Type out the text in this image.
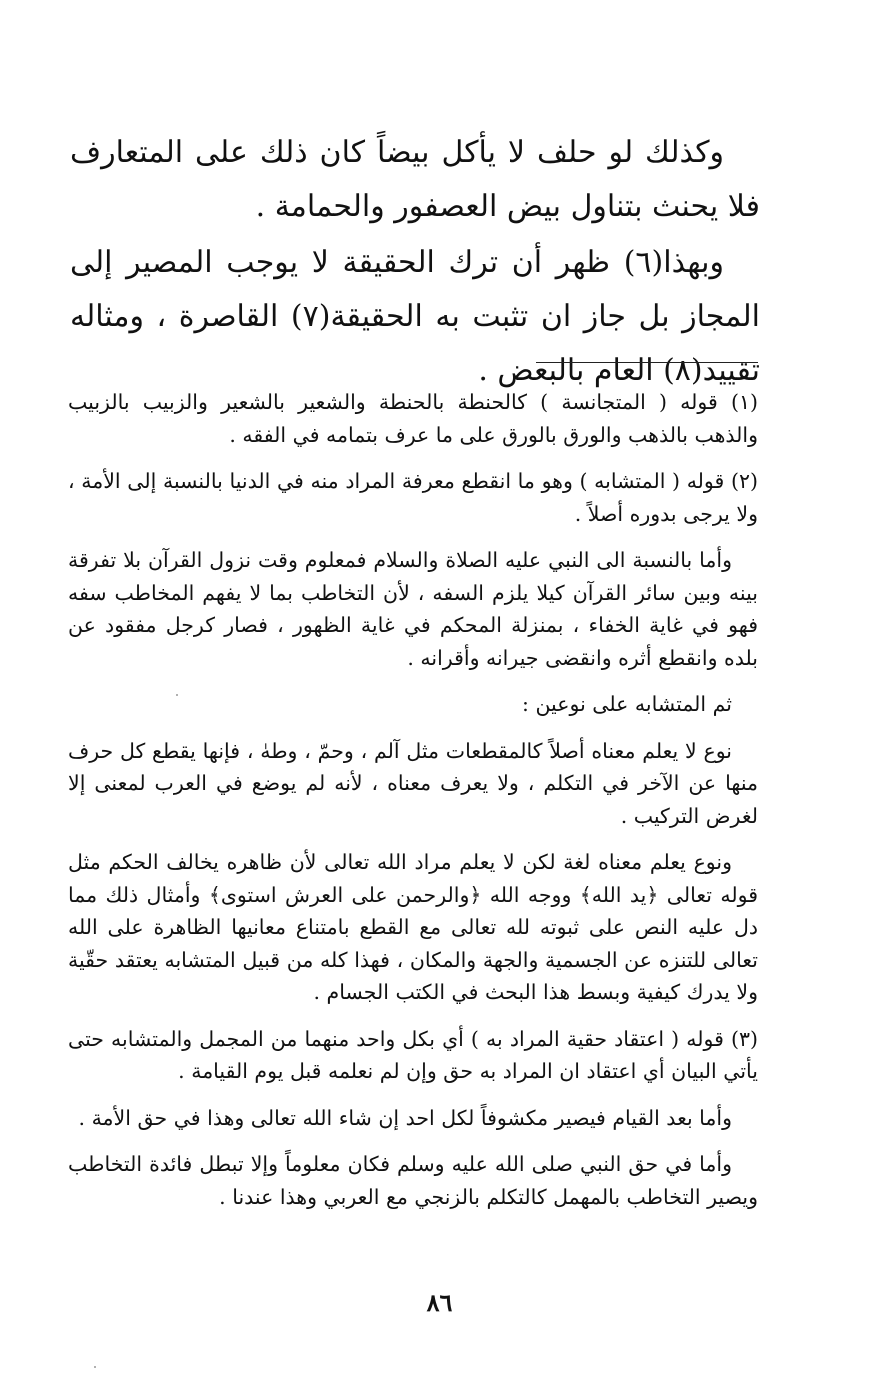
وكذلك لو حلف لا يأكل بيضاً كان ذلك على المتعارف فلا يحنث بتناول بيض العصفور والحمامة .

وبهذا(٦) ظهر أن ترك الحقيقة لا يوجب المصير إلى المجاز بل جاز ان تثبت به الحقيقة(٧) القاصرة ، ومثاله تقييد(٨) العام بالبعض .

(١) قوله ( المتجانسة ) كالحنطة بالحنطة والشعير بالشعير والزبيب بالزبيب والذهب بالذهب والورق بالورق على ما عرف بتمامه في الفقه .

(٢) قوله ( المتشابه ) وهو ما انقطع معرفة المراد منه في الدنيا بالنسبة إلى الأمة ، ولا يرجى بدوره أصلاً .

وأما بالنسبة الى النبي عليه الصلاة والسلام فمعلوم وقت نزول القرآن بلا تفرقة بينه وبين سائر القرآن كيلا يلزم السفه ، لأن التخاطب بما لا يفهم المخاطب سفه فهو في غاية الخفاء ، بمنزلة المحكم في غاية الظهور ، فصار كرجل مفقود عن بلده وانقطع أثره وانقضى جيرانه وأقرانه .

ثم المتشابه على نوعين :

نوع لا يعلم معناه أصلاً كالمقطعات مثل آلم ، وحمّ ، وطهٰ ، فإنها يقطع كل حرف منها عن الآخر في التكلم ، ولا يعرف معناه ، لأنه لم يوضع في العرب لمعنى إلا لغرض التركيب .

ونوع يعلم معناه لغة لكن لا يعلم مراد الله تعالى لأن ظاهره يخالف الحكم مثل قوله تعالى ﴿يد الله﴾ ووجه الله ﴿والرحمن على العرش استوى﴾ وأمثال ذلك مما دل عليه النص على ثبوته لله تعالى مع القطع بامتناع معانيها الظاهرة على الله تعالى للتنزه عن الجسمية والجهة والمكان ، فهذا كله من قبيل المتشابه يعتقد حقّية ولا يدرك كيفية وبسط هذا البحث في الكتب الجسام .

(٣) قوله ( اعتقاد حقية المراد به ) أي بكل واحد منهما من المجمل والمتشابه حتى يأتي البيان أي اعتقاد ان المراد به حق وإن لم نعلمه قبل يوم القيامة .

وأما بعد القيام فيصير مكشوفاً لكل احد إن شاء الله تعالى وهذا في حق الأمة .

وأما في حق النبي صلى الله عليه وسلم فكان معلوماً وإلا تبطل فائدة التخاطب ويصير التخاطب بالمهمل كالتكلم بالزنجي مع العربي وهذا عندنا .

٨٦
